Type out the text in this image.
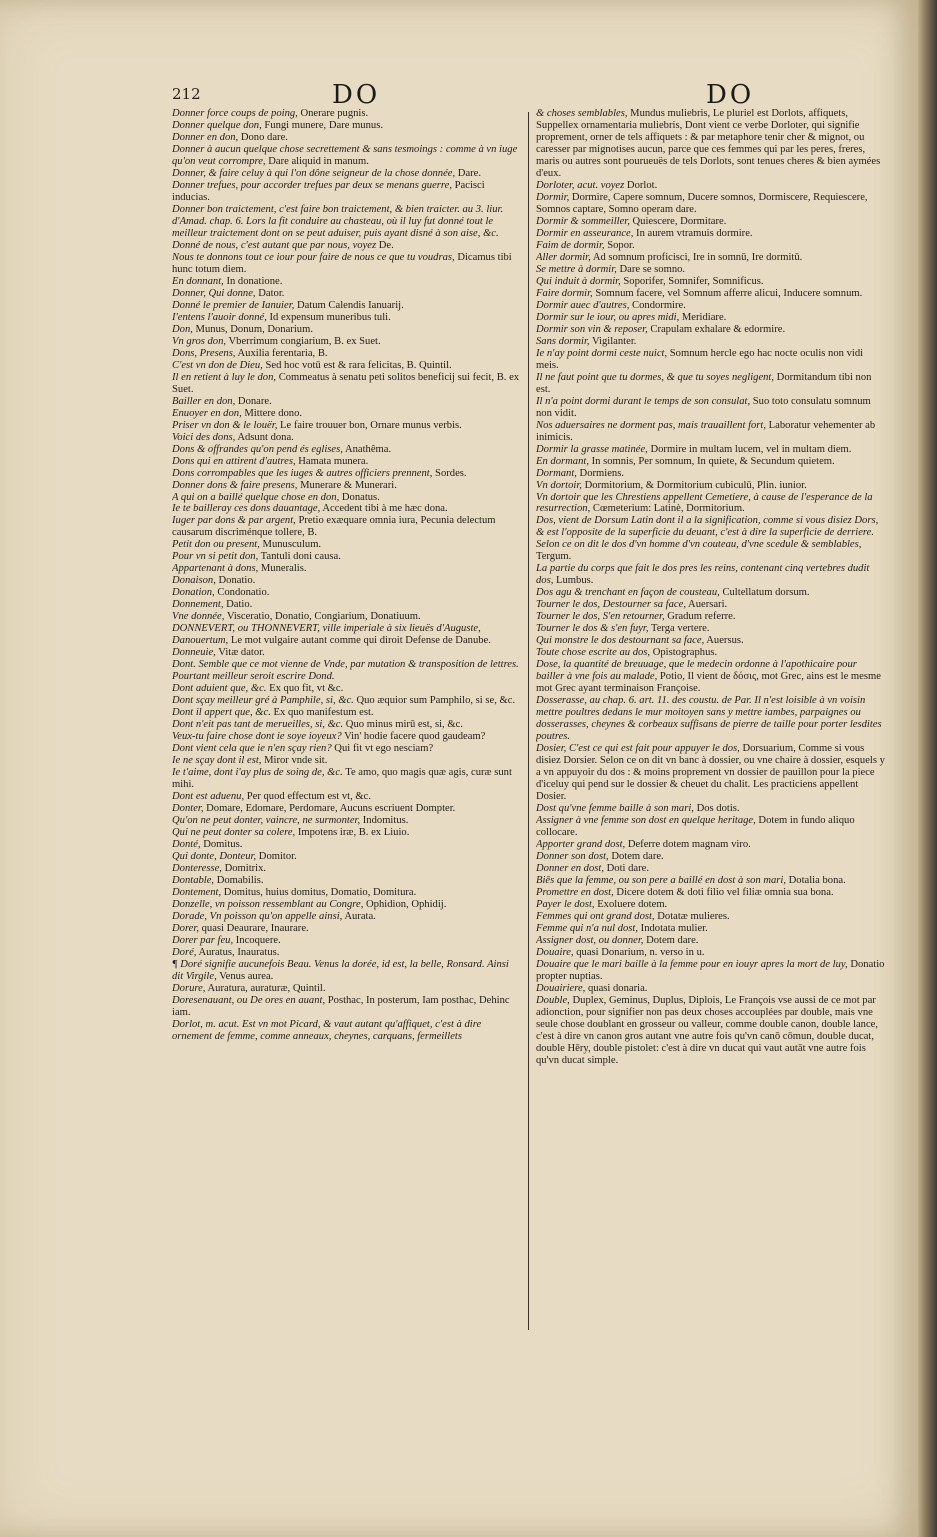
212	DO	DO

Donner force coups de poing, Onerare pugnis.

Donner quelque don, Fungi munere, Dare munus.

Donner en don, Dono dare.

Donner à aucun quelque chose secrettement & sans tesmoings : comme à vn iuge qu'on veut corrompre, Dare aliquid in manum.

Donner, & faire celuy à qui l'on dône seigneur de la chose donnée, Dare.

Donner trefues, pour accorder trefues par deux se menans guerre, Pacisci inducias.

Donner bon traictement, c'est faire bon traictement, & bien traicter. au 3. liur. d'Amad. chap. 6. Lors la fit conduire au chasteau, où il luy fut donné tout le meilleur traictement dont on se peut aduiser, puis ayant disné à son aise, &c.

Donné de nous, c'est autant que par nous, voyez De.

Nous te donnons tout ce iour pour faire de nous ce que tu voudras, Dicamus tibi hunc totum diem.

En donnant, In donatione.

Donner, Qui donne, Dator.

Donné le premier de Ianuier, Datum Calendis Ianuarij.

I'entens l'auoir donné, Id expensum muneribus tuli.

Don, Munus, Donum, Donarium.

Vn gros don, Vberrimum congiarium, B. ex Suet.

Dons, Presens, Auxilia ferentaria, B.

C'est vn don de Dieu, Sed hoc votū est & rara felicitas, B. Quintil.

Il en retient à luy le don, Commeatus à senatu peti solitos beneficij sui fecit, B. ex Suet.

Bailler en don, Donare.

Enuoyer en don, Mittere dono.

Priser vn don & le louër, Le faire trouuer bon, Ornare munus verbis.

Voici des dons, Adsunt dona.

Dons & offrandes qu'on pend és eglises, Anathêma.

Dons qui en attirent d'autres, Hamata munera.

Dons corrompables que les iuges & autres officiers prennent, Sordes.

Donner dons & faire presens, Munerare & Munerari.

A qui on a baillé quelque chose en don, Donatus.

Ie te bailleray ces dons dauantage, Accedent tibi à me hæc dona.

Iuger par dons & par argent, Pretio exæquare omnia iura, Pecunia delectum causarum discriménque tollere, B.

Petit don ou present, Munusculum.

Pour vn si petit don, Tantuli doni causa.

Appartenant à dons, Muneralis.

Donaison, Donatio.

Donation, Condonatio.

Donnement, Datio.

Vne donnée, Visceratio, Donatio, Congiarium, Donatiuum.

DONNEVERT, ou THONNEVERT, ville imperiale à six lieuës d'Auguste, Danouertum, Le mot vulgaire autant comme qui diroit Defense de Danube.

Donneuie, Vitæ dator.

Dont. Semble que ce mot vienne de Vnde, par mutation & transposition de lettres. Pourtant meilleur seroit escrire Dond.

Dont aduient que, &c. Ex quo fit, vt &c.

Dont sçay meilleur gré à Pamphile, si, &c. Quo æquior sum Pamphilo, si se, &c.

Dont il appert que, &c. Ex quo manifestum est.

Dont n'eit pas tant de merueilles, si, &c. Quo minus mirū est, si, &c.

Veux-tu faire chose dont ie soye ioyeux? Vin' hodie facere quod gaudeam?

Dont vient cela que ie n'en sçay rien? Qui fit vt ego nesciam?

Ie ne sçay dont il est, Miror vnde sit.

Ie t'aime, dont i'ay plus de soing de, &c. Te amo, quo magis quæ agis, curæ sunt mihi.

Dont est aduenu, Per quod effectum est vt, &c.

Donter, Domare, Edomare, Perdomare, Aucuns escriuent Dompter.

Qu'on ne peut donter, vaincre, ne surmonter, Indomitus.

Qui ne peut donter sa colere, Impotens iræ, B. ex Liuio.

Donté, Domitus.

Qui donte, Donteur, Domitor.

Donteresse, Domitrix.

Dontable, Domabilis.

Dontement, Domitus, huius domitus, Domatio, Domitura.

Donzelle, vn poisson ressemblant au Congre, Ophidion, Ophidij.

Dorade, Vn poisson qu'on appelle ainsi, Aurata.

Dorer, quasi Deaurare, Inaurare.

Dorer par feu, Incoquere.

Doré, Auratus, Inauratus.

¶ Doré signifie aucunefois Beau. Venus la dorée, id est, la belle, Ronsard. Ainsi dit Virgile, Venus aurea.

Dorure, Auratura, auraturæ, Quintil.

Doresenauant, ou De ores en auant, Posthac, In posterum, Iam posthac, Dehinc iam.

Dorlot, m. acut. Est vn mot Picard, & vaut autant qu'affiquet, c'est à dire ornement de femme, comme anneaux, cheynes, carquans, fermeillets

& choses semblables, Mundus muliebris, Le pluriel est Dorlots, affiquets, Suppellex ornamentaria muliebris, Dont vient ce verbe Dorloter, qui signifie proprement, orner de tels affiquets : & par metaphore tenir cher & mignot, ou caresser par mignotises aucun, parce que ces femmes qui par les peres, freres, maris ou autres sont pourueuës de tels Dorlots, sont tenues cheres & bien aymées d'eux.

Dorloter, acut. voyez Dorlot.

Dormir, Dormire, Capere somnum, Ducere somnos, Dormiscere, Requiescere, Somnos captare, Somno operam dare.

Dormir & sommeiller, Quiescere, Dormitare.

Dormir en asseurance, In aurem vtramuis dormire.

Faim de dormir, Sopor.

Aller dormir, Ad somnum proficisci, Ire in somnū, Ire dormitū.

Se mettre à dormir, Dare se somno.

Qui induit à dormir, Soporifer, Somnifer, Somnificus.

Faire dormir, Somnum facere, vel Somnum afferre alicui, Inducere somnum.

Dormir auec d'autres, Condormire.

Dormir sur le iour, ou apres midi, Meridiare.

Dormir son vin & reposer, Crapulam exhalare & edormire.

Sans dormir, Vigilanter.

Ie n'ay point dormi ceste nuict, Somnum hercle ego hac nocte oculis non vidi meis.

Il ne faut point que tu dormes, & que tu soyes negligent, Dormitandum tibi non est.

Il n'a point dormi durant le temps de son consulat, Suo toto consulatu somnum non vidit.

Nos aduersaires ne dorment pas, mais trauaillent fort, Laboratur vehementer ab inimicis.

Dormir la grasse matinée, Dormire in multam lucem, vel in multam diem.

En dormant, In somnis, Per somnum, In quiete, & Secundum quietem.

Dormant, Dormiens.

Vn dortoir, Dormitorium, & Dormitorium cubiculū, Plin. iunior.

Vn dortoir que les Chrestiens appellent Cemetiere, à cause de l'esperance de la resurrection, Cœmeterium: Latinè, Dormitorium.

Dos, vient de Dorsum Latin dont il a la signification, comme si vous disiez Dors, & est l'opposite de la superficie du deuant, c'est à dire la superficie de derriere. Selon ce on dit le dos d'vn homme d'vn couteau, d'vne scedule & semblables, Tergum.

La partie du corps que fait le dos pres les reins, contenant cinq vertebres dudit dos, Lumbus.

Dos agu & trenchant en façon de cousteau, Cultellatum dorsum.

Tourner le dos, Destourner sa face, Auersari.

Tourner le dos, S'en retourner, Gradum referre.

Tourner le dos & s'en fuyr, Terga vertere.

Qui monstre le dos destournant sa face, Auersus.

Toute chose escrite au dos, Opistographus.

Dose, la quantité de breuuage, que le medecin ordonne à l'apothicaire pour bailler à vne fois au malade, Potio, Il vient de δόσις, mot Grec, ains est le mesme mot Grec ayant terminaison Françoise.

Dosserasse, au chap. 6. art. 11. des coustu. de Par. Il n'est loisible à vn voisin mettre poultres dedans le mur moitoyen sans y mettre iambes, parpaignes ou dosserasses, cheynes & corbeaux suffisans de pierre de taille pour porter lesdites poutres.

Dosier, C'est ce qui est fait pour appuyer le dos, Dorsuarium, Comme si vous disiez Dorsier. Selon ce on dit vn banc à dossier, ou vne chaire à dossier, esquels y a vn appuyoir du dos : & moins proprement vn dossier de pauillon pour la piece d'iceluy qui pend sur le dossier & cheuet du chalit. Les practiciens appellent Dosier.

Dost qu'vne femme baille à son mari, Dos dotis.

Assigner à vne femme son dost en quelque heritage, Dotem in fundo aliquo collocare.

Apporter grand dost, Deferre dotem magnam viro.

Donner son dost, Dotem dare.

Donner en dost, Doti dare.

Biēs que la femme, ou son pere a baillé en dost à son mari, Dotalia bona.

Promettre en dost, Dicere dotem & doti filio vel filiæ omnia sua bona.

Payer le dost, Exoluere dotem.

Femmes qui ont grand dost, Dotatæ mulieres.

Femme qui n'a nul dost, Indotata mulier.

Assigner dost, ou donner, Dotem dare.

Douaire, quasi Donarium, n. verso in u.

Douaire que le mari baille à la femme pour en iouyr apres la mort de luy, Donatio propter nuptias.

Douairiere, quasi donaria.

Double, Duplex, Geminus, Duplus, Diplois, Le François vse aussi de ce mot par adionction, pour signifier non pas deux choses accouplées par double, mais vne seule chose doublant en grosseur ou valleur, comme double canon, double lance, c'est à dire vn canon gros autant vne autre fois qu'vn canō cōmun, double ducat, double Hēry, double pistolet: c'est à dire vn ducat qui vaut autāt vne autre fois qu'vn ducat simple.
